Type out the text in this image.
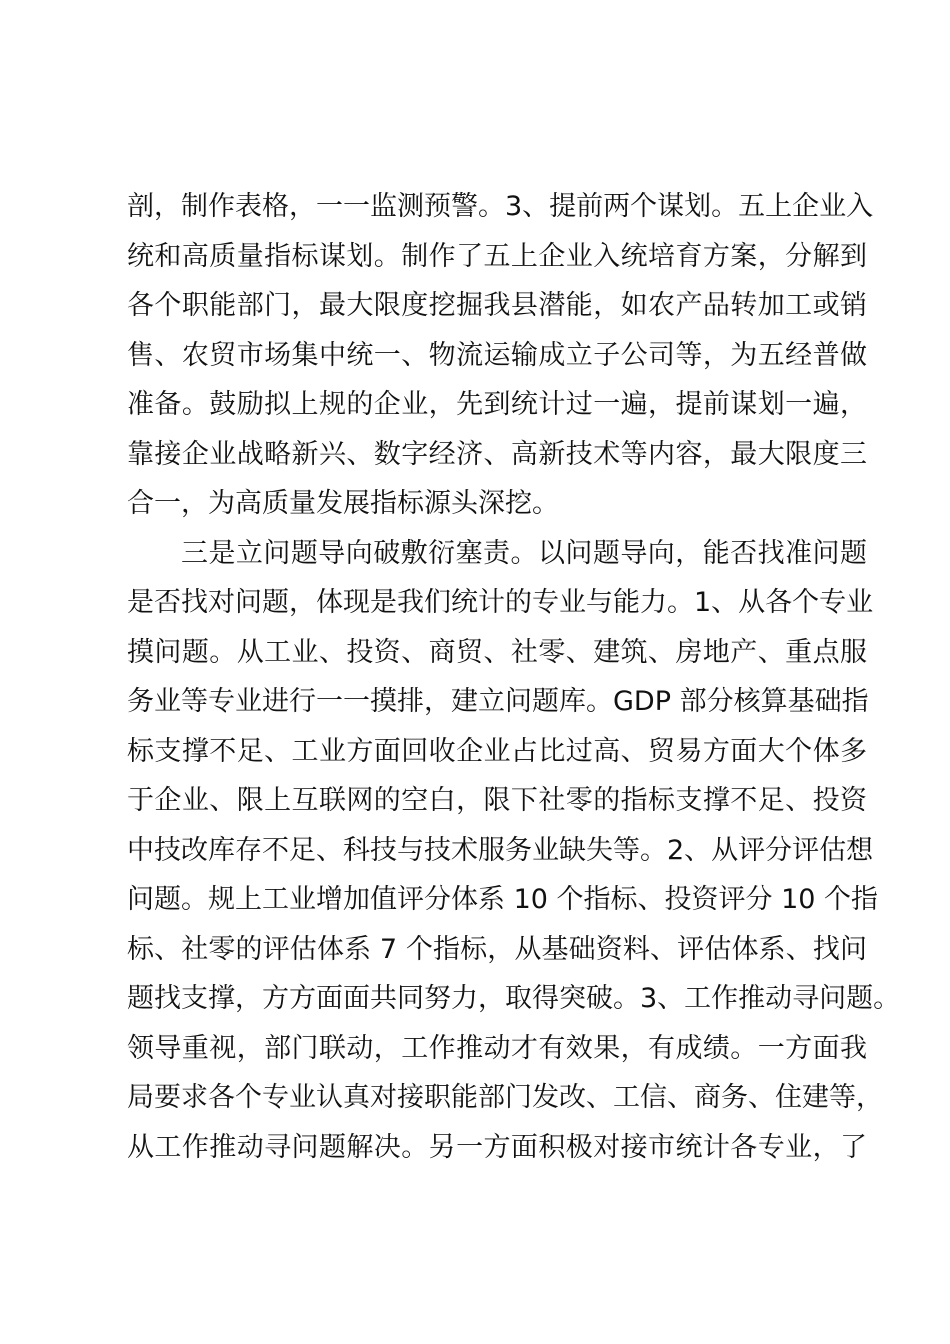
剖，制作表格，一一监测预警。3、提前两个谋划。五上企业入
统和高质量指标谋划。制作了五上企业入统培育方案，分解到
各个职能部门，最大限度挖掘我县潜能，如农产品转加工或销
售、农贸市场集中统一、物流运输成立子公司等，为五经普做
准备。鼓励拟上规的企业，先到统计过一遍，提前谋划一遍，
靠接企业战略新兴、数字经济、高新技术等内容，最大限度三
合一，为高质量发展指标源头深挖。
三是立问题导向破敷衍塞责。以问题导向，能否找准问题
是否找对问题，体现是我们统计的专业与能力。1、从各个专业
摸问题。从工业、投资、商贸、社零、建筑、房地产、重点服
务业等专业进行一一摸排，建立问题库。GDP 部分核算基础指
标支撑不足、工业方面回收企业占比过高、贸易方面大个体多
于企业、限上互联网的空白，限下社零的指标支撑不足、投资
中技改库存不足、科技与技术服务业缺失等。2、从评分评估想
问题。规上工业增加值评分体系 10 个指标、投资评分 10 个指
标、社零的评估体系 7 个指标，从基础资料、评估体系、找问
题找支撑，方方面面共同努力，取得突破。3、工作推动寻问题。
领导重视，部门联动，工作推动才有效果，有成绩。一方面我
局要求各个专业认真对接职能部门发改、工信、商务、住建等，
从工作推动寻问题解决。另一方面积极对接市统计各专业，了
